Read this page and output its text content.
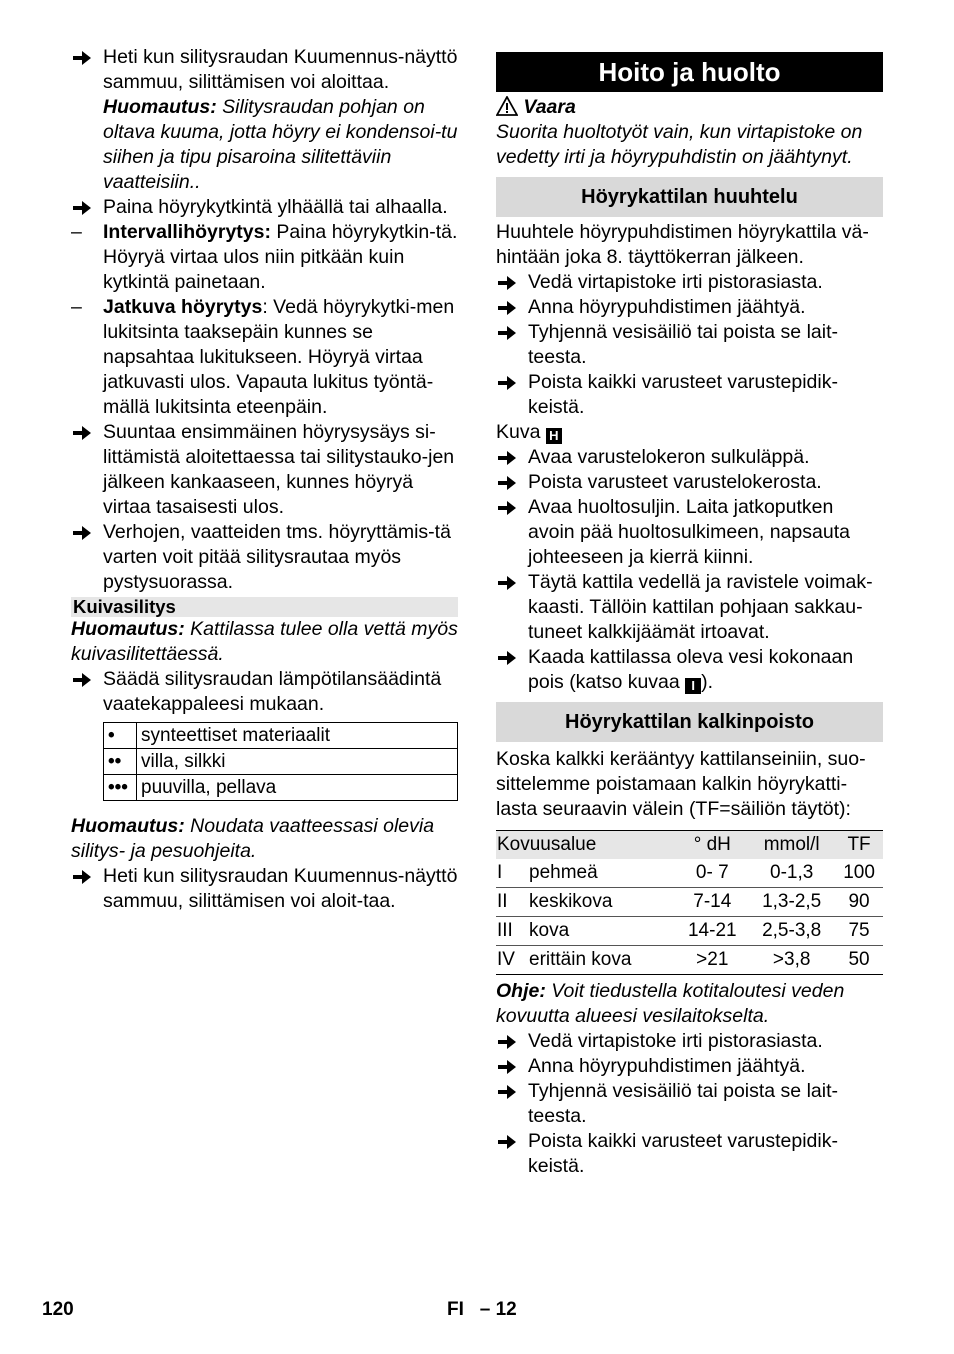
Heti kun silitysraudan Kuumennus-näyttö sammuu, silittämisen voi aloittaa.

Huomautus: Silitysraudan pohjan on oltava kuuma, jotta höyry ei kondensoi-tu siihen ja tipu pisaroina silitettäviin vaatteisiin..

Paina höyrykytkintä ylhäällä tai alhaalla.

– Intervallihöyrytys: Paina höyrykytkin-tä. Höyryä virtaa ulos niin pitkään kuin kytkintä painetaan.

– Jatkuva höyrytys: Vedä höyrykytki-men lukitsinta taaksepäin kunnes se napsahtaa lukitukseen. Höyryä virtaa jatkuvasti ulos. Vapauta lukitus työntä-mällä lukitsinta eteenpäin.

Suuntaa ensimmäinen höyrysysäys si-littämistä aloitettaessa tai silitystauko-jen jälkeen kankaaseen, kunnes höyryä virtaa tasaisesti ulos.

Verhojen, vaatteiden tms. höyryttämis-tä varten voit pitää silitysrautaa myös pystysuorassa.

Kuivasilitys

Huomautus: Kattilassa tulee olla vettä myös kuivasilitettäessä.

Säädä silitysraudan lämpötilansäädintä vaatekappaleesi mukaan.

•	synteettiset materiaalit
••	villa, silkki
•••	puuvilla, pellava

Huomautus: Noudata vaatteessasi olevia silitys- ja pesuohjeita.

Heti kun silitysraudan Kuumennus-näyttö sammuu, silittämisen voi aloit-taa.

Hoito ja huolto

Vaara

Suorita huoltotyöt vain, kun virtapistoke on vedetty irti ja höyrypuhdistin on jäähtynyt.

Höyrykattilan huuhtelu

Huuhtele höyrypuhdistimen höyrykattila vä-hintään joka 8. täyttökerran jälkeen.

Vedä virtapistoke irti pistorasiasta.

Anna höyrypuhdistimen jäähtyä.

Tyhjennä vesisäiliö tai poista se lait-teesta.

Poista kaikki varusteet varustepidik-keistä.

Kuva H

Avaa varustelokeron sulkuläppä.

Poista varusteet varustelokerosta.

Avaa huoltosuljin. Laita jatkoputken avoin pää huoltosulkimeen, napsauta johteeseen ja kierrä kiinni.

Täytä kattila vedellä ja ravistele voimak-kaasti. Tällöin kattilan pohjaan sakkau-tuneet kalkkijäämät irtoavat.

Kaada kattilassa oleva vesi kokonaan pois (katso kuvaa I ).

Höyrykattilan kalkinpoisto

Koska kalkki kerääntyy kattilanseiniin, suo-sittelemme poistamaan kalkin höyrykatti-lasta seuraavin välein (TF=säiliön täytöt):

Kovuusalue		° dH	mmol/l	TF
I	pehmeä	0- 7	0-1,3	100
II	keskikova	7-14	1,3-2,5	90
III	kova	14-21	2,5-3,8	75
IV	erittäin kova	>21	>3,8	50

Ohje: Voit tiedustella kotitaloutesi veden kovuutta alueesi vesilaitokselta.

Vedä virtapistoke irti pistorasiasta.

Anna höyrypuhdistimen jäähtyä.

Tyhjennä vesisäiliö tai poista se lait-teesta.

Poista kaikki varusteet varustepidik-keistä.

120	FI – 12
